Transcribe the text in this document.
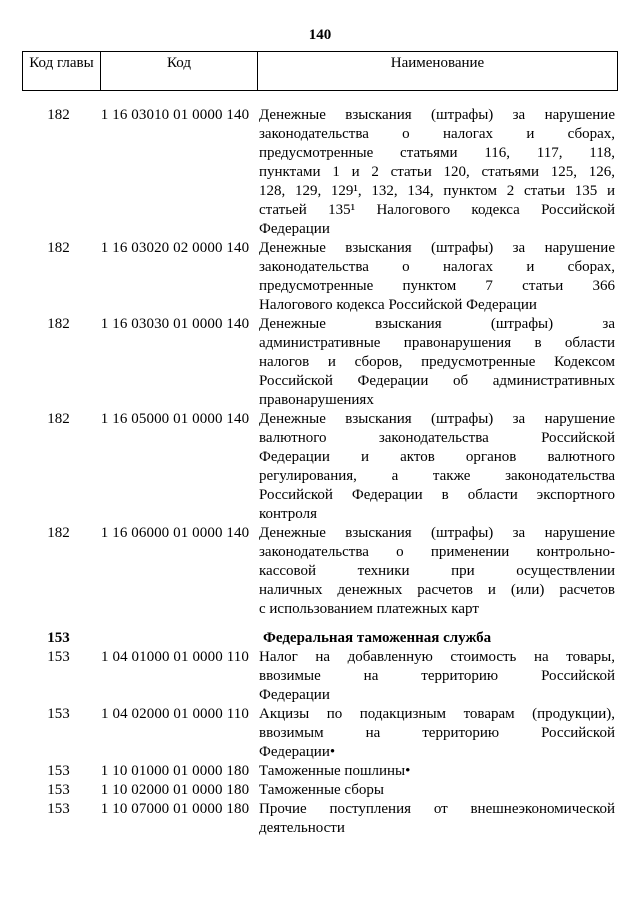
140
Код главы	Код	Наименование
182	1 16 03010 01 0000 140 Денежные взыскания (штрафы) за нарушение
законодательства о налогах и сборах,
предусмотренные статьями 116, 117, 118,
пунктами 1 и 2 статьи 120, статьями 125, 126,
128, 129, 129¹, 132, 134, пунктом 2 статьи 135 и
статьей 135¹ Налогового кодекса Российской
Федерации
182	1 16 03020 02 0000 140 Денежные взыскания (штрафы) за нарушение
законодательства о налогах и сборах,
предусмотренные пунктом 7 статьи 366
Налогового кодекса Российской Федерации
182	1 16 03030 01 0000 140 Денежные взыскания (штрафы) за
административные правонарушения в области
налогов и сборов, предусмотренные Кодексом
Российской Федерации об административных
правонарушениях
182	1 16 05000 01 0000 140 Денежные взыскания (штрафы) за нарушение
валютного законодательства Российской
Федерации и актов органов валютного
регулирования, а также законодательства
Российской Федерации в области экспортного
контроля
182	1 16 06000 01 0000 140 Денежные взыскания (штрафы) за нарушение
законодательства о применении контрольно-
кассовой техники при осуществлении
наличных денежных расчетов и (или) расчетов
с использованием платежных карт
153	Федеральная таможенная служба
153	1 04 01000 01 0000 110 Налог на добавленную стоимость на товары,
ввозимые на территорию Российской
Федерации
153	1 04 02000 01 0000 110 Акцизы по подакцизным товарам (продукции),
ввозимым на территорию Российской
Федерации•
153	1 10 01000 01 0000 180 Таможенные пошлины•
153	1 10 02000 01 0000 180 Таможенные сборы
153	1 10 07000 01 0000 180 Прочие поступления от внешнеэкономической
деятельности
